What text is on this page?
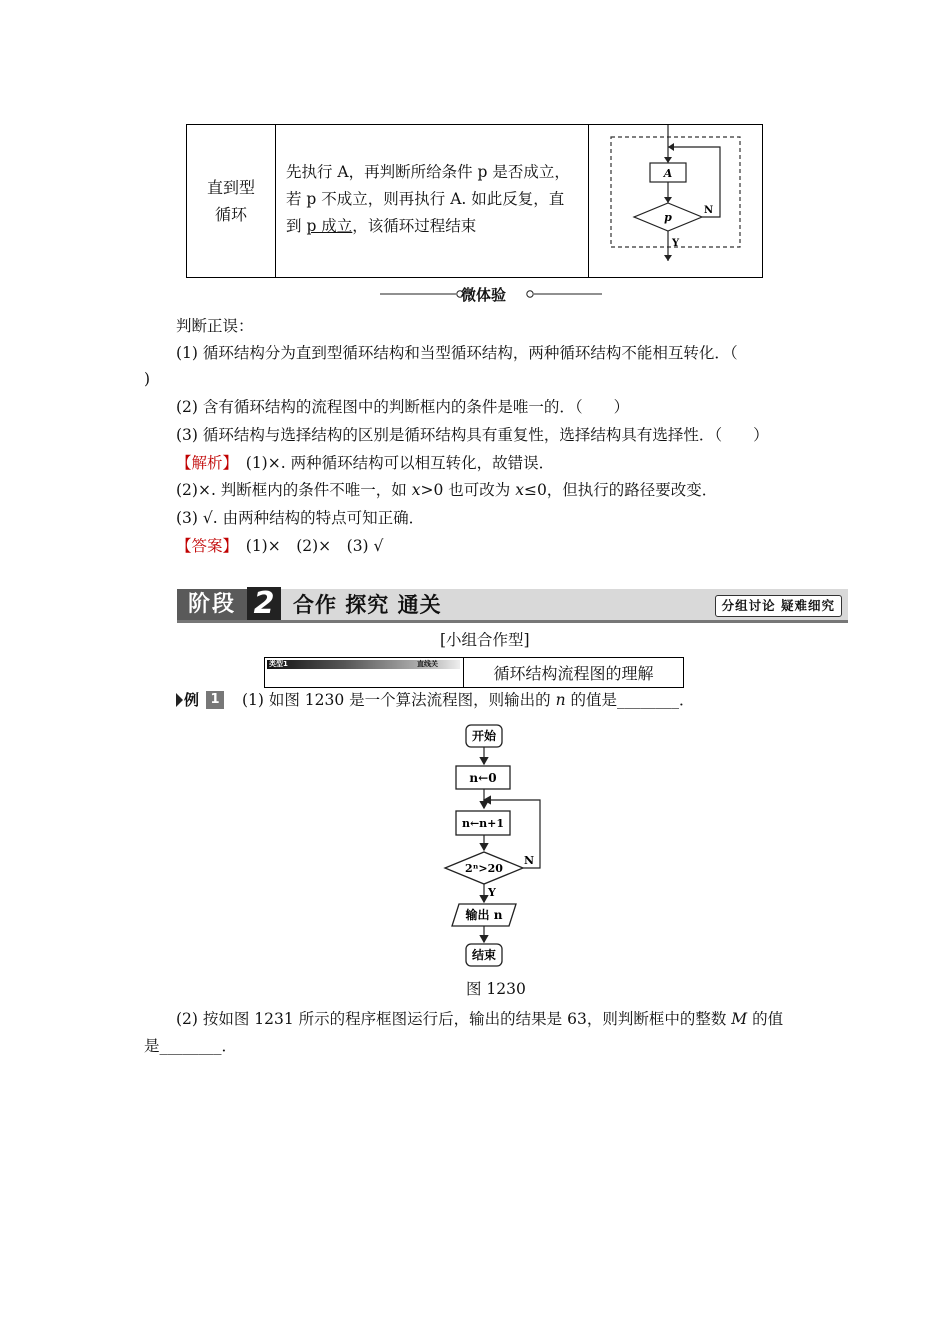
直到型循环
先执行 A，再判断所给条件 p 是否成立，
若 p 不成立，则再执行 A. 如此反复，直
到 p 成立，该循环过程结束
A
p
N
Y
微体验
判断正误：
(1) 循环结构分为直到型循环结构和当型循环结构，两种循环结构不能相互转化．（
)
(2) 含有循环结构的流程图中的判断框内的条件是唯一的．（　　）
(3) 循环结构与选择结构的区别是循环结构具有重复性，选择结构具有选择性．（　　）
【解析】　(1)×. 两种循环结构可以相互转化，故错误．
(2)×. 判断框内的条件不唯一，如 x>0 也可改为 x≤0，但执行的路径要改变．
(3) √. 由两种结构的特点可知正确．
【答案】　(1)×　(2)×　(3) √
阶段 2 合作 探究 通关	分组讨论 疑难细究
[小组合作型]
类型1	直线关	循环结构流程图的理解
例 1 (1) 如图 1230 是一个算法流程图，则输出的 n 的值是________．
开始
n←0
n←n+1
2ⁿ>20
N
Y
输出 n
结束
图 1230
(2) 按如图 1231 所示的程序框图运行后，输出的结果是 63，则判断框中的整数 M 的值
是________．
